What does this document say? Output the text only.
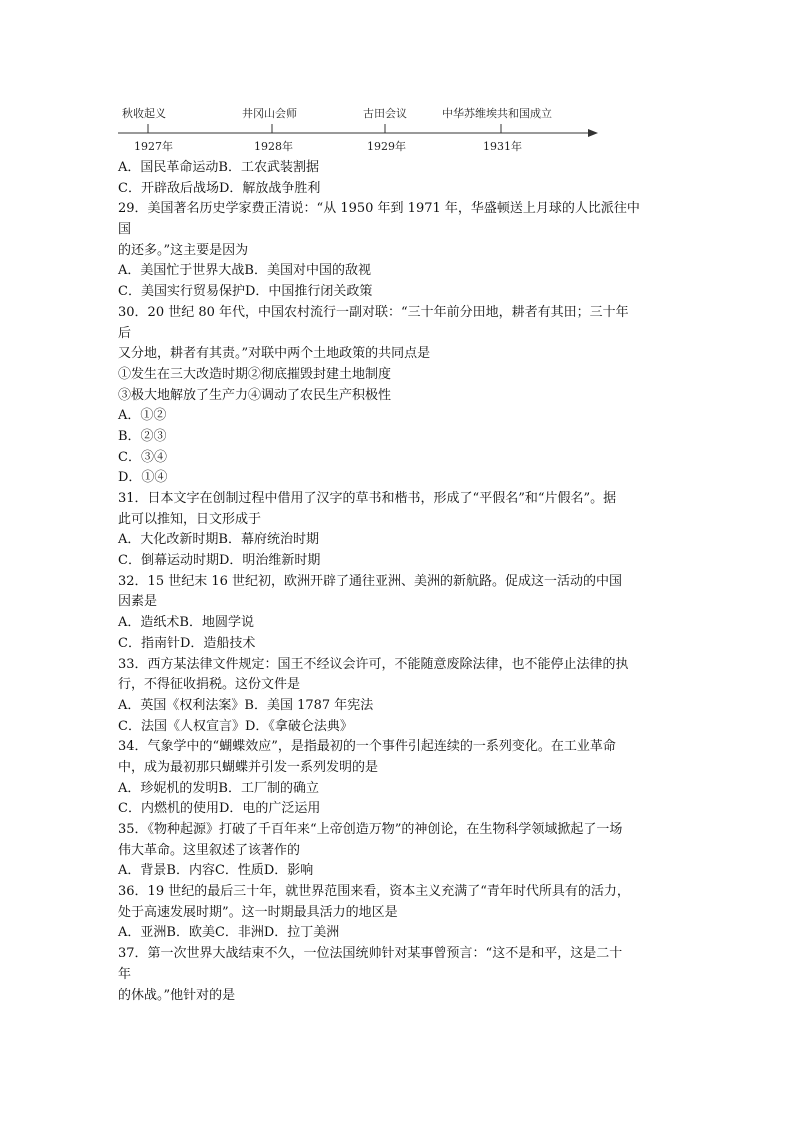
秋收起义
1927年
井冈山会师
1928年
古田会议
1929年
中华苏维埃共和国成立
1931年
A．国民革命运动B．工农武装割据
C．开辟敌后战场D．解放战争胜利
29．美国著名历史学家费正清说：“从 1950 年到 1971 年，华盛顿送上月球的人比派往中
国
的还多。”这主要是因为
A．美国忙于世界大战B．美国对中国的敌视
C．美国实行贸易保护D．中国推行闭关政策
30．20 世纪 80 年代，中国农村流行一副对联：“三十年前分田地，耕者有其田；三十年
后
又分地，耕者有其责。”对联中两个土地政策的共同点是
①发生在三大改造时期②彻底摧毁封建土地制度
③极大地解放了生产力④调动了农民生产积极性
A．①②
B．②③
C．③④
D．①④
31．日本文字在创制过程中借用了汉字的草书和楷书，形成了“平假名”和“片假名”。据
此可以推知，日文形成于
A．大化改新时期B．幕府统治时期
C．倒幕运动时期D．明治维新时期
32．15 世纪末 16 世纪初，欧洲开辟了通往亚洲、美洲的新航路。促成这一活动的中国
因素是
A．造纸术B．地圆学说
C．指南针D．造船技术
33．西方某法律文件规定：国王不经议会许可，不能随意废除法律，也不能停止法律的执
行，不得征收捐税。这份文件是
A．英国《权利法案》B．美国 1787 年宪法
C．法国《人权宣言》D．《拿破仑法典》
34．气象学中的“蝴蝶效应”，是指最初的一个事件引起连续的一系列变化。在工业革命
中，成为最初那只蝴蝶并引发一系列发明的是
A．珍妮机的发明B．工厂制的确立
C．内燃机的使用D．电的广泛运用
35．《物种起源》打破了千百年来“上帝创造万物”的神创论，在生物科学领域掀起了一场
伟大革命。这里叙述了该著作的
A．背景B．内容C．性质D．影响
36．19 世纪的最后三十年，就世界范围来看，资本主义充满了“青年时代所具有的活力，
处于高速发展时期”。这一时期最具活力的地区是
A．亚洲B．欧美C．非洲D．拉丁美洲
37．第一次世界大战结束不久，一位法国统帅针对某事曾预言：“这不是和平，这是二十
年
的休战。”他针对的是
